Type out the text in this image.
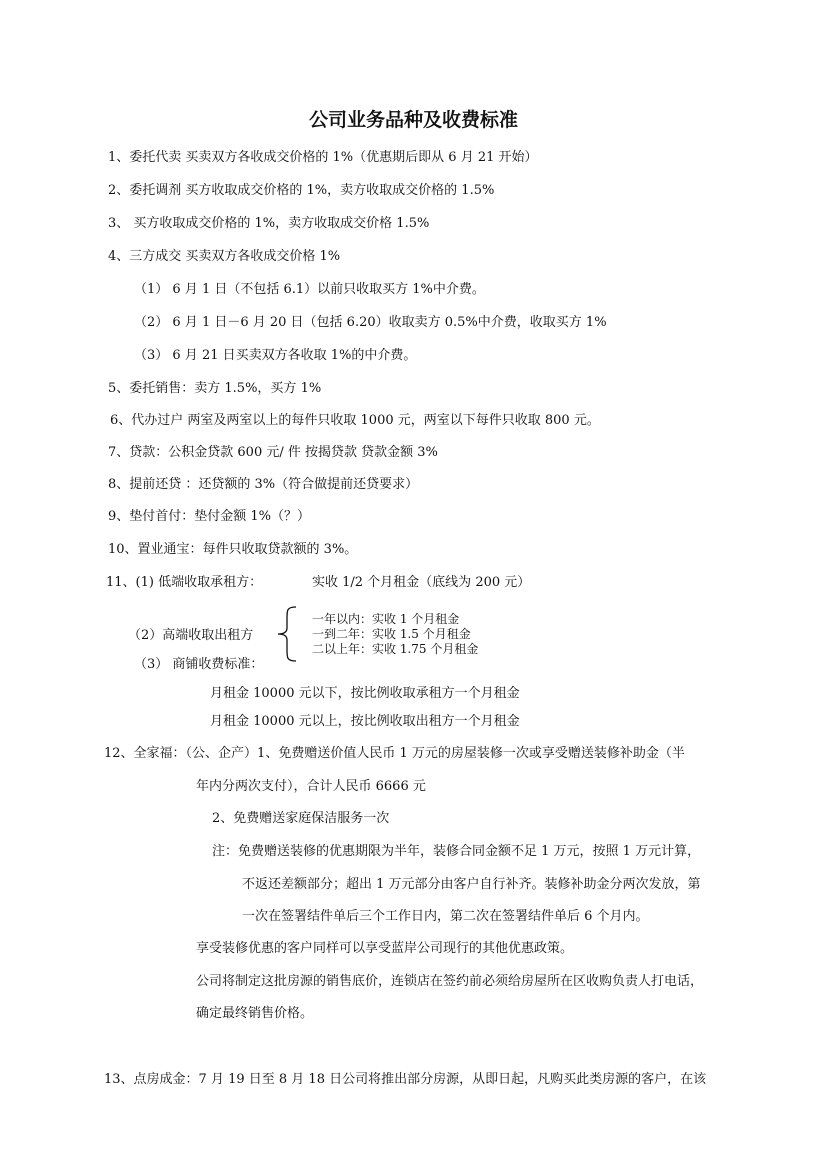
公司业务品种及收费标准
1、委托代卖 买卖双方各收成交价格的 1%（优惠期后即从 6 月 21 开始）
2、委托调剂 买方收取成交价格的 1%，卖方收取成交价格的 1.5%
3、 买方收取成交价格的 1%，卖方收取成交价格 1.5%
4、三方成交 买卖双方各收成交价格 1%
（1） 6 月 1 日（不包括 6.1）以前只收取买方 1%中介费。
（2） 6 月 1 日－6 月 20 日（包括 6.20）收取卖方 0.5%中介费，收取买方 1%
（3） 6 月 21 日买卖双方各收取 1%的中介费。
5、委托销售：卖方 1.5%，买方 1%
6、代办过户 两室及两室以上的每件只收取 1000 元，两室以下每件只收取 800 元。
7、贷款：公积金贷款 600 元/ 件 按揭贷款 贷款金额 3%
8、提前还贷 ：还贷额的 3%（符合做提前还贷要求）
9、垫付首付：垫付金额 1%（？）
10、置业通宝：每件只收取贷款额的 3%。
11、(1) 低端收取承租方：	实收 1/2 个月租金（底线为 200 元）
（2）高端收取出租方
一年以内：实收 1 个月租金
一到二年：实收 1.5 个月租金
二以上年：实收 1.75 个月租金
（3） 商铺收费标准：
月租金 10000 元以下，按比例收取承租方一个月租金
月租金 10000 元以上，按比例收取出租方一个月租金
12、全家福：（公、企产）1、免费赠送价值人民币 1 万元的房屋装修一次或享受赠送装修补助金（半
年内分两次支付），合计人民币 6666 元
2、免费赠送家庭保洁服务一次
注：免费赠送装修的优惠期限为半年，装修合同金额不足 1 万元，按照 1 万元计算，
不返还差额部分；超出 1 万元部分由客户自行补齐。装修补助金分两次发放，第
一次在签署结件单后三个工作日内，第二次在签署结件单后 6 个月内。
享受装修优惠的客户同样可以享受蓝岸公司现行的其他优惠政策。
公司将制定这批房源的销售底价，连锁店在签约前必须给房屋所在区收购负责人打电话，
确定最终销售价格。
13、点房成金：7 月 19 日至 8 月 18 日公司将推出部分房源，从即日起，凡购买此类房源的客户，在该
